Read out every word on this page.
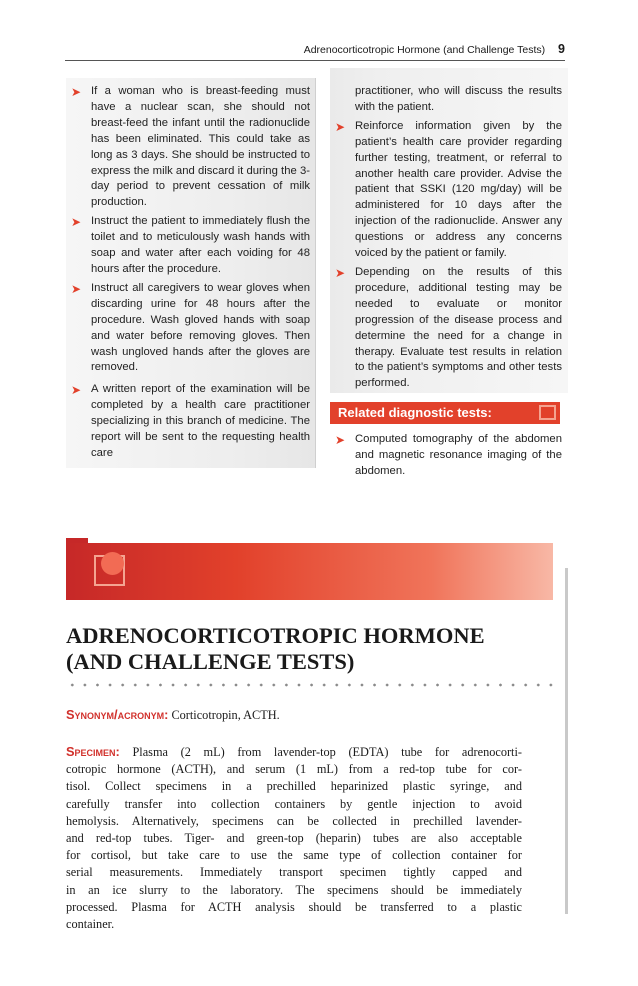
Adrenocorticotropic Hormone (and Challenge Tests) 9
➤ If a woman who is breast-feeding must have a nuclear scan, she should not breast-feed the infant until the radionuclide has been eliminated. This could take as long as 3 days. She should be instructed to express the milk and discard it during the 3-day period to prevent cessation of milk production.
➤ Instruct the patient to immediately flush the toilet and to meticulously wash hands with soap and water after each voiding for 48 hours after the procedure.
➤ Instruct all caregivers to wear gloves when discarding urine for 48 hours after the procedure. Wash gloved hands with soap and water before removing gloves. Then wash ungloved hands after the gloves are removed.
➤ A written report of the examination will be completed by a health care practitioner specializing in this branch of medicine. The report will be sent to the requesting health care
practitioner, who will discuss the results with the patient.
➤ Reinforce information given by the patient’s health care provider regarding further testing, treatment, or referral to another health care provider. Advise the patient that SSKI (120 mg/day) will be administered for 10 days after the injection of the radionuclide. Answer any questions or address any concerns voiced by the patient or family.
➤ Depending on the results of this procedure, additional testing may be needed to evaluate or monitor progression of the disease process and determine the need for a change in therapy. Evaluate test results in relation to the patient’s symptoms and other tests performed.
Related diagnostic tests:
➤ Computed tomography of the abdomen and magnetic resonance imaging of the abdomen.
ADRENOCORTICOTROPIC HORMONE
(AND CHALLENGE TESTS)
Synonym/acronym: Corticotropin, ACTH.
Specimen: Plasma (2 mL) from lavender-top (EDTA) tube for adrenocorti-
cotropic hormone (ACTH), and serum (1 mL) from a red-top tube for cor-
tisol. Collect specimens in a prechilled heparinized plastic syringe, and
carefully transfer into collection containers by gentle injection to avoid
hemolysis. Alternatively, specimens can be collected in prechilled lavender-
and red-top tubes. Tiger- and green-top (heparin) tubes are also acceptable
for cortisol, but take care to use the same type of collection container for
serial measurements. Immediately transport specimen tightly capped and
in an ice slurry to the laboratory. The specimens should be immediately
processed. Plasma for ACTH analysis should be transferred to a plastic
container.
